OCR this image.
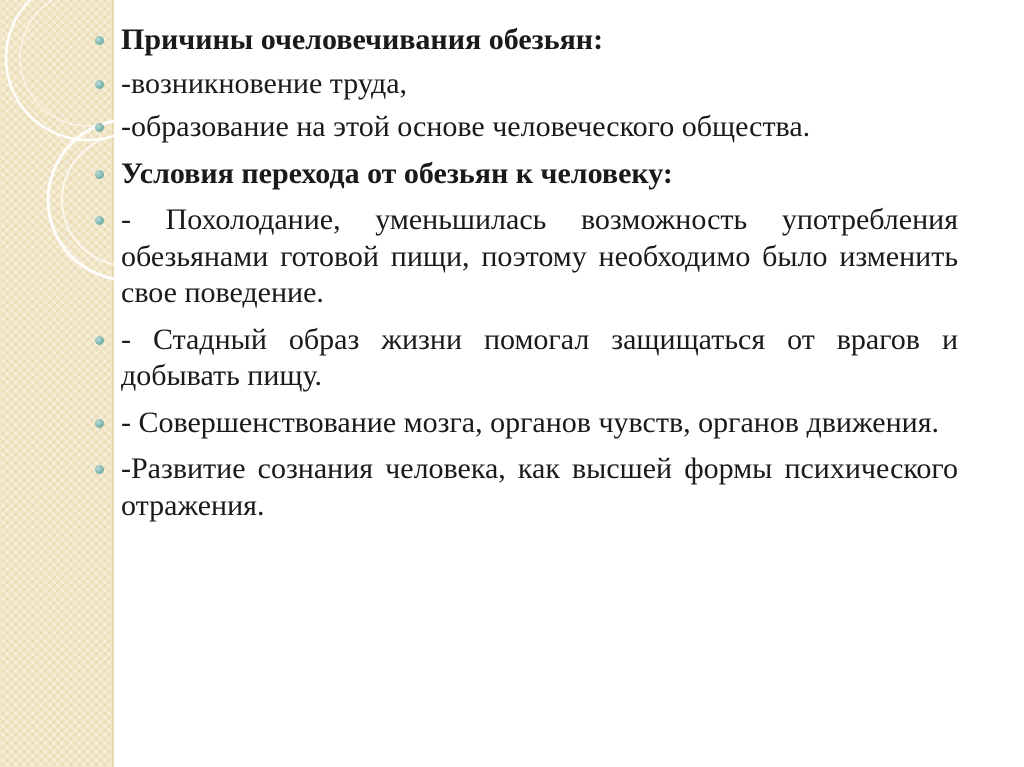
Причины очеловечивания обезьян:
-возникновение труда,
-образование на этой основе человеческого общества.
Условия перехода от обезьян к человеку:
- Похолодание, уменьшилась возможность употребления обезьянами готовой пищи, поэтому необходимо было изменить свое поведение.
- Стадный образ жизни помогал защищаться от врагов и добывать пищу.
- Совершенствование мозга, органов чувств, органов движения.
-Развитие сознания человека, как высшей формы психического отражения.
